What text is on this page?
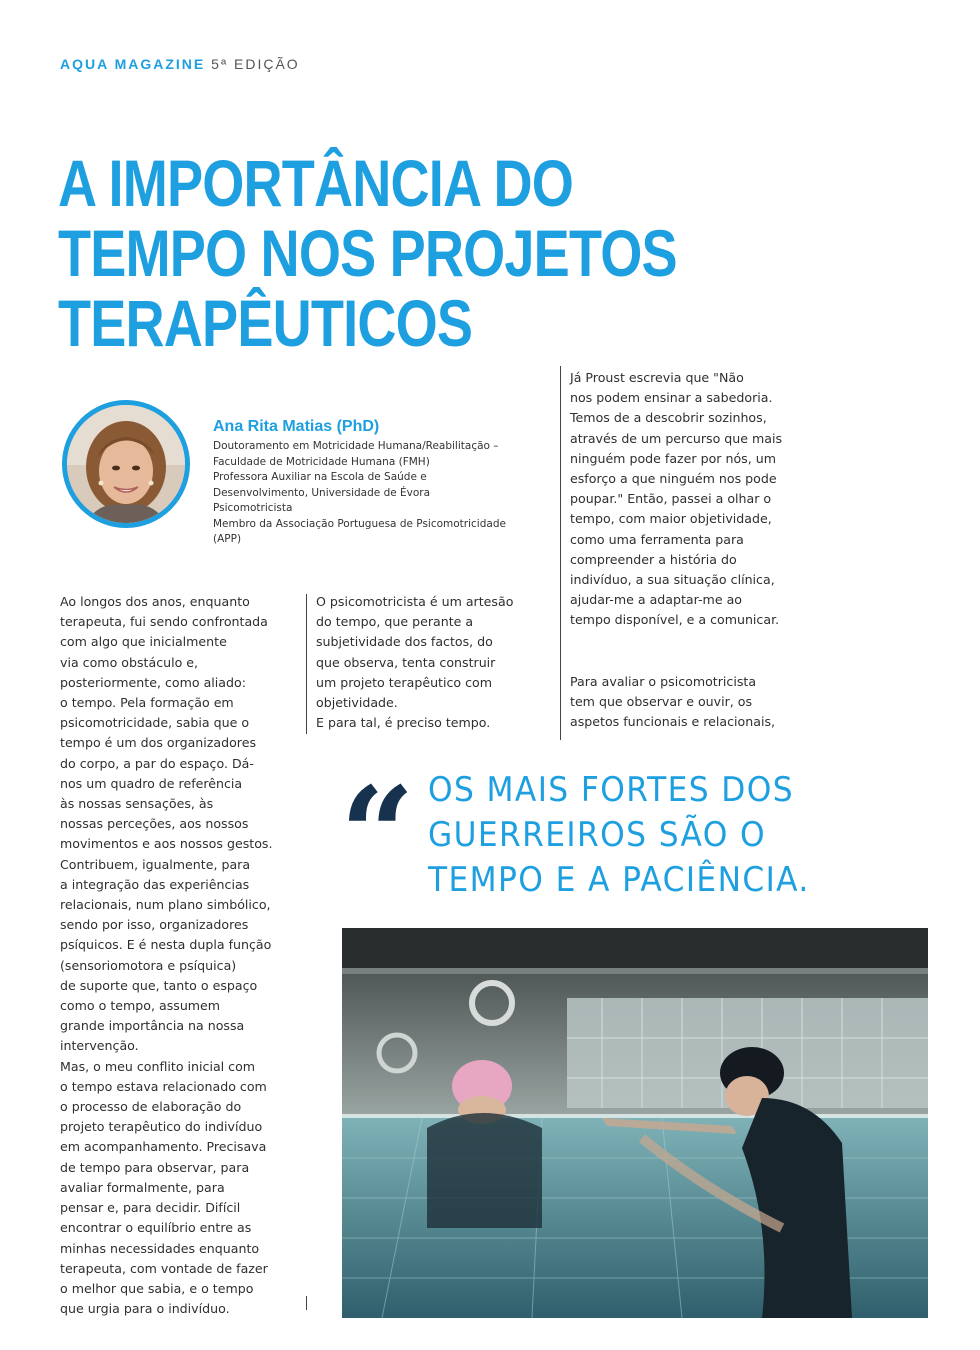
AQUA MAGAZINE 5ª EDIÇÃO
A IMPORTÂNCIA DO
TEMPO NOS PROJETOS
TERAPÊUTICOS
Ana Rita Matias (PhD)
Doutoramento em Motricidade Humana/Reabilitação –
Faculdade de Motricidade Humana (FMH)
Professora Auxiliar na Escola de Saúde e
Desenvolvimento, Universidade de Évora
Psicomotricista
Membro da Associação Portuguesa de Psicomotricidade
(APP)

Ao longos dos anos, enquanto

terapeuta, fui sendo confrontada

com algo que inicialmente

via como obstáculo e,

posteriormente, como aliado:

o tempo. Pela formação em

psicomotricidade, sabia que o

tempo é um dos organizadores

do corpo, a par do espaço. Dá-

nos um quadro de referência

às nossas sensações, às

nossas perceções, aos nossos

movimentos e aos nossos gestos.

Contribuem, igualmente, para

a integração das experiências

relacionais, num plano simbólico,

sendo por isso, organizadores

psíquicos. E é nesta dupla função

(sensoriomotora e psíquica)

de suporte que, tanto o espaço

como o tempo, assumem

grande importância na nossa

intervenção.

Mas, o meu conflito inicial com

o tempo estava relacionado com

o processo de elaboração do

projeto terapêutico do indivíduo

em acompanhamento. Precisava

de tempo para observar, para

avaliar formalmente, para

pensar e, para decidir. Difícil

encontrar o equilíbrio entre as

minhas necessidades enquanto

terapeuta, com vontade de fazer

o melhor que sabia, e o tempo

que urgia para o indivíduo.

O psicomotricista é um artesão

do tempo, que perante a

subjetividade dos factos, do

que observa, tenta construir

um projeto terapêutico com

objetividade.

E para tal, é preciso tempo.

Já Proust escrevia que "Não

nos podem ensinar a sabedoria.

Temos de a descobrir sozinhos,

através de um percurso que mais

ninguém pode fazer por nós, um

esforço a que ninguém nos pode

poupar." Então, passei a olhar o

tempo, com maior objetividade,

como uma ferramenta para

compreender a história do

indivíduo, a sua situação clínica,

ajudar-me a adaptar-me ao

tempo disponível, e a comunicar.

Para avaliar o psicomotricista

tem que observar e ouvir, os

aspetos funcionais e relacionais,

“ OS MAIS FORTES DOS
GUERREIROS SÃO O
TEMPO E A PACIÊNCIA.
